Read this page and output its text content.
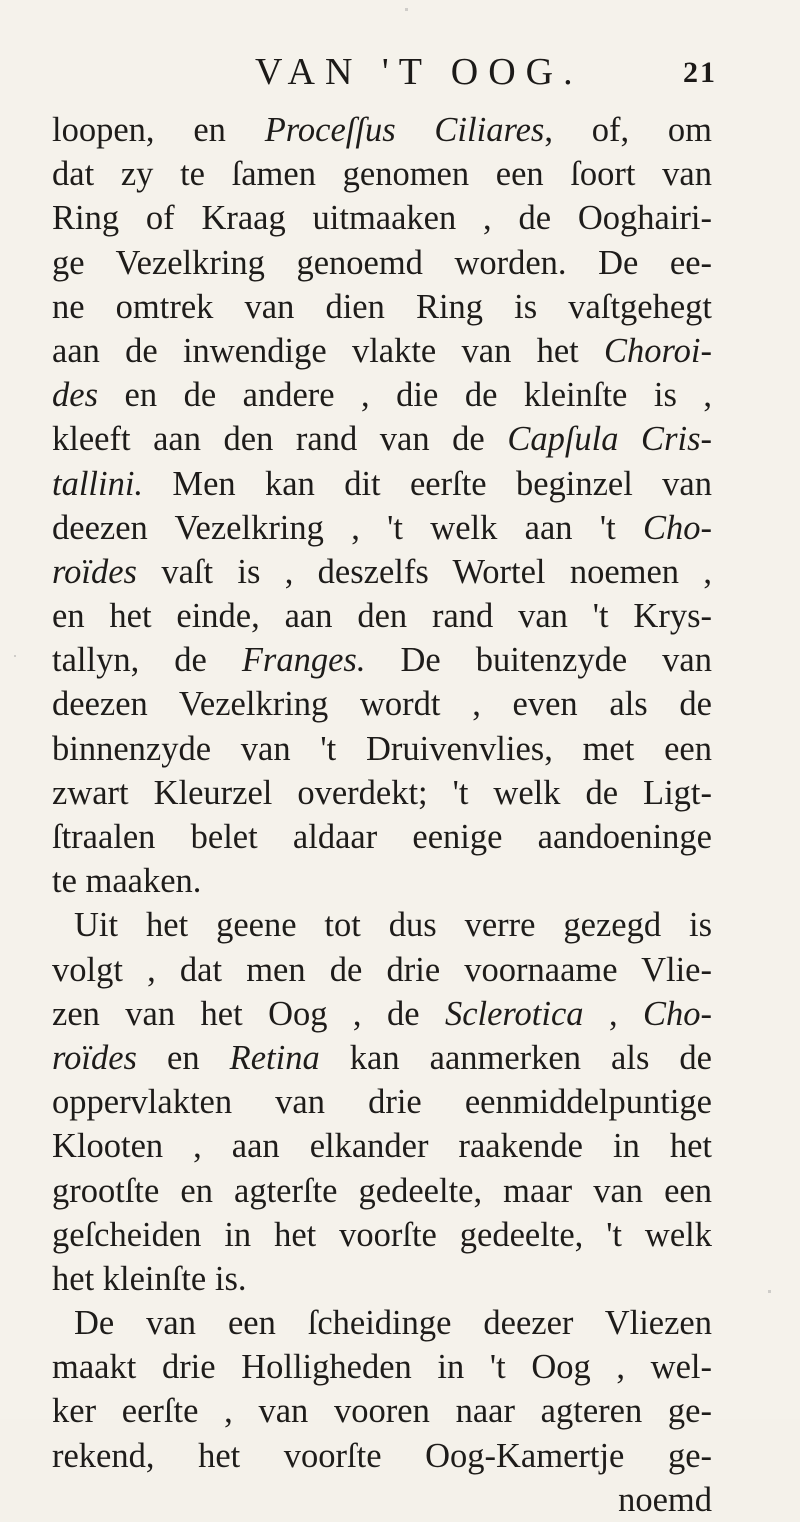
VAN 'T OOG.	21
loopen, en Proceſſus Ciliares, of, om
dat zy te ſamen genomen een ſoort van
Ring of Kraag uitmaaken , de Ooghairi-
ge Vezelkring genoemd worden. De ee-
ne omtrek van dien Ring is vaſtgehegt
aan de inwendige vlakte van het Choroi-
des en de andere , die de kleinſte is ,
kleeft aan den rand van de Capſula Cris-
tallini. Men kan dit eerſte beginzel van
deezen Vezelkring , 't welk aan 't Cho-
roïdes vaſt is , deszelfs Wortel noemen ,
en het einde, aan den rand van 't Krys-
tallyn, de Franges. De buitenzyde van
deezen Vezelkring wordt , even als de
binnenzyde van 't Druivenvlies, met een
zwart Kleurzel overdekt; 't welk de Ligt-
ſtraalen belet aldaar eenige aandoeninge
te maaken.
Uit het geene tot dus verre gezegd is
volgt , dat men de drie voornaame Vlie-
zen van het Oog , de Sclerotica , Cho-
roïdes en Retina kan aanmerken als de
oppervlakten van drie eenmiddelpuntige
Klooten , aan elkander raakende in het
grootſte en agterſte gedeelte, maar van een
geſcheiden in het voorſte gedeelte, 't welk
het kleinſte is.
De van een ſcheidinge deezer Vliezen
maakt drie Holligheden in 't Oog , wel-
ker eerſte , van vooren naar agteren ge-
rekend, het voorſte Oog-Kamertje ge-
noemd
